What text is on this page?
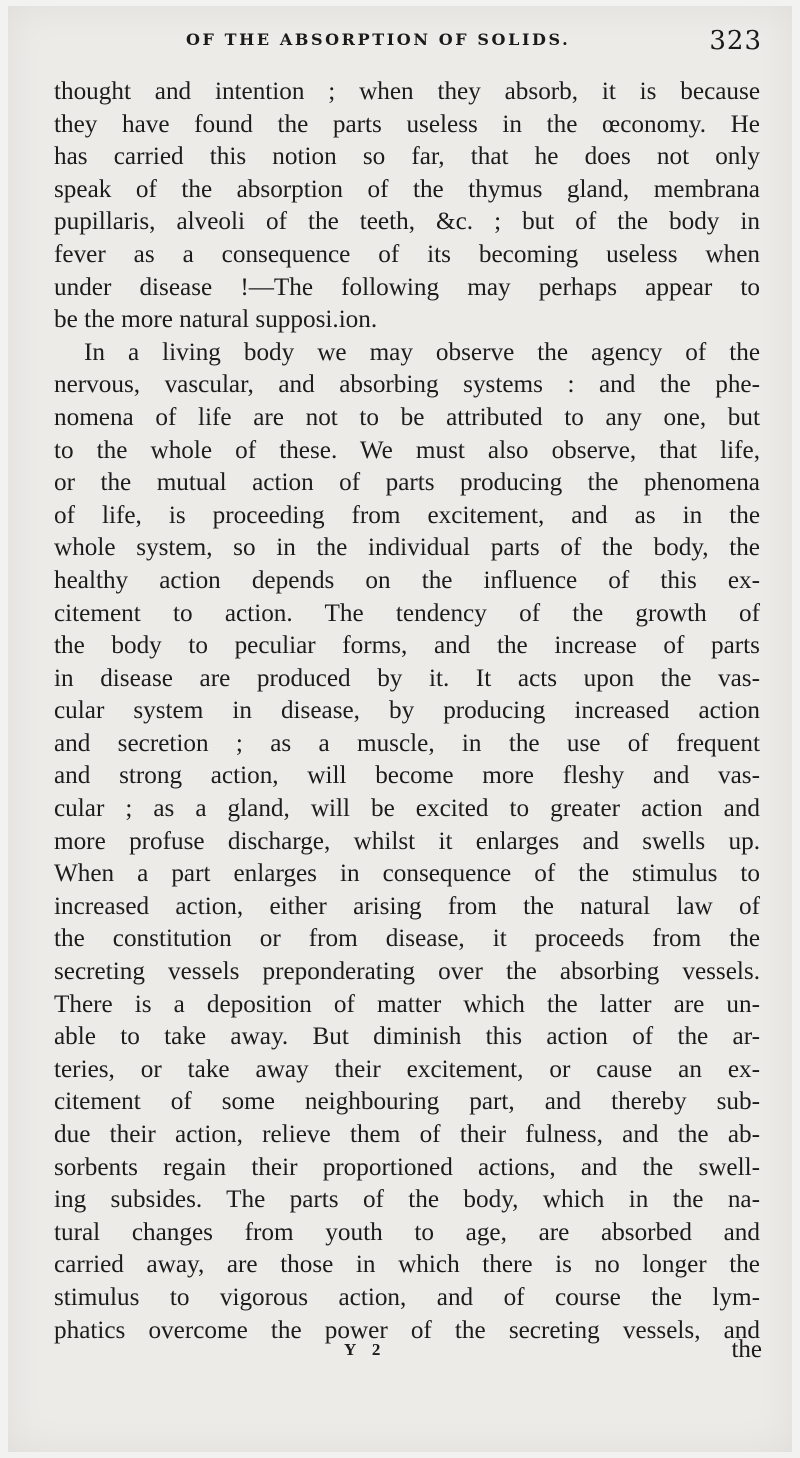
OF THE ABSORPTION OF SOLIDS.	323
thought and intention ; when they absorb, it is because
they have found the parts useless in the œconomy. He
has carried this notion so far, that he does not only
speak of the absorption of the thymus gland, membrana
pupillaris, alveoli of the teeth, &c. ; but of the body in
fever as a consequence of its becoming useless when
under disease !—The following may perhaps appear to
be the more natural supposi.ion.
In a living body we may observe the agency of the
nervous, vascular, and absorbing systems : and the phe-
nomena of life are not to be attributed to any one, but
to the whole of these. We must also observe, that life,
or the mutual action of parts producing the phenomena
of life, is proceeding from excitement, and as in the
whole system, so in the individual parts of the body, the
healthy action depends on the influence of this ex-
citement to action. The tendency of the growth of
the body to peculiar forms, and the increase of parts
in disease are produced by it. It acts upon the vas-
cular system in disease, by producing increased action
and secretion ; as a muscle, in the use of frequent
and strong action, will become more fleshy and vas-
cular ; as a gland, will be excited to greater action and
more profuse discharge, whilst it enlarges and swells up.
When a part enlarges in consequence of the stimulus to
increased action, either arising from the natural law of
the constitution or from disease, it proceeds from the
secreting vessels preponderating over the absorbing vessels.
There is a deposition of matter which the latter are un-
able to take away. But diminish this action of the ar-
teries, or take away their excitement, or cause an ex-
citement of some neighbouring part, and thereby sub-
due their action, relieve them of their fulness, and the ab-
sorbents regain their proportioned actions, and the swell-
ing subsides. The parts of the body, which in the na-
tural changes from youth to age, are absorbed and
carried away, are those in which there is no longer the
stimulus to vigorous action, and of course the lym-
phatics overcome the power of the secreting vessels, and
Y 2	the
